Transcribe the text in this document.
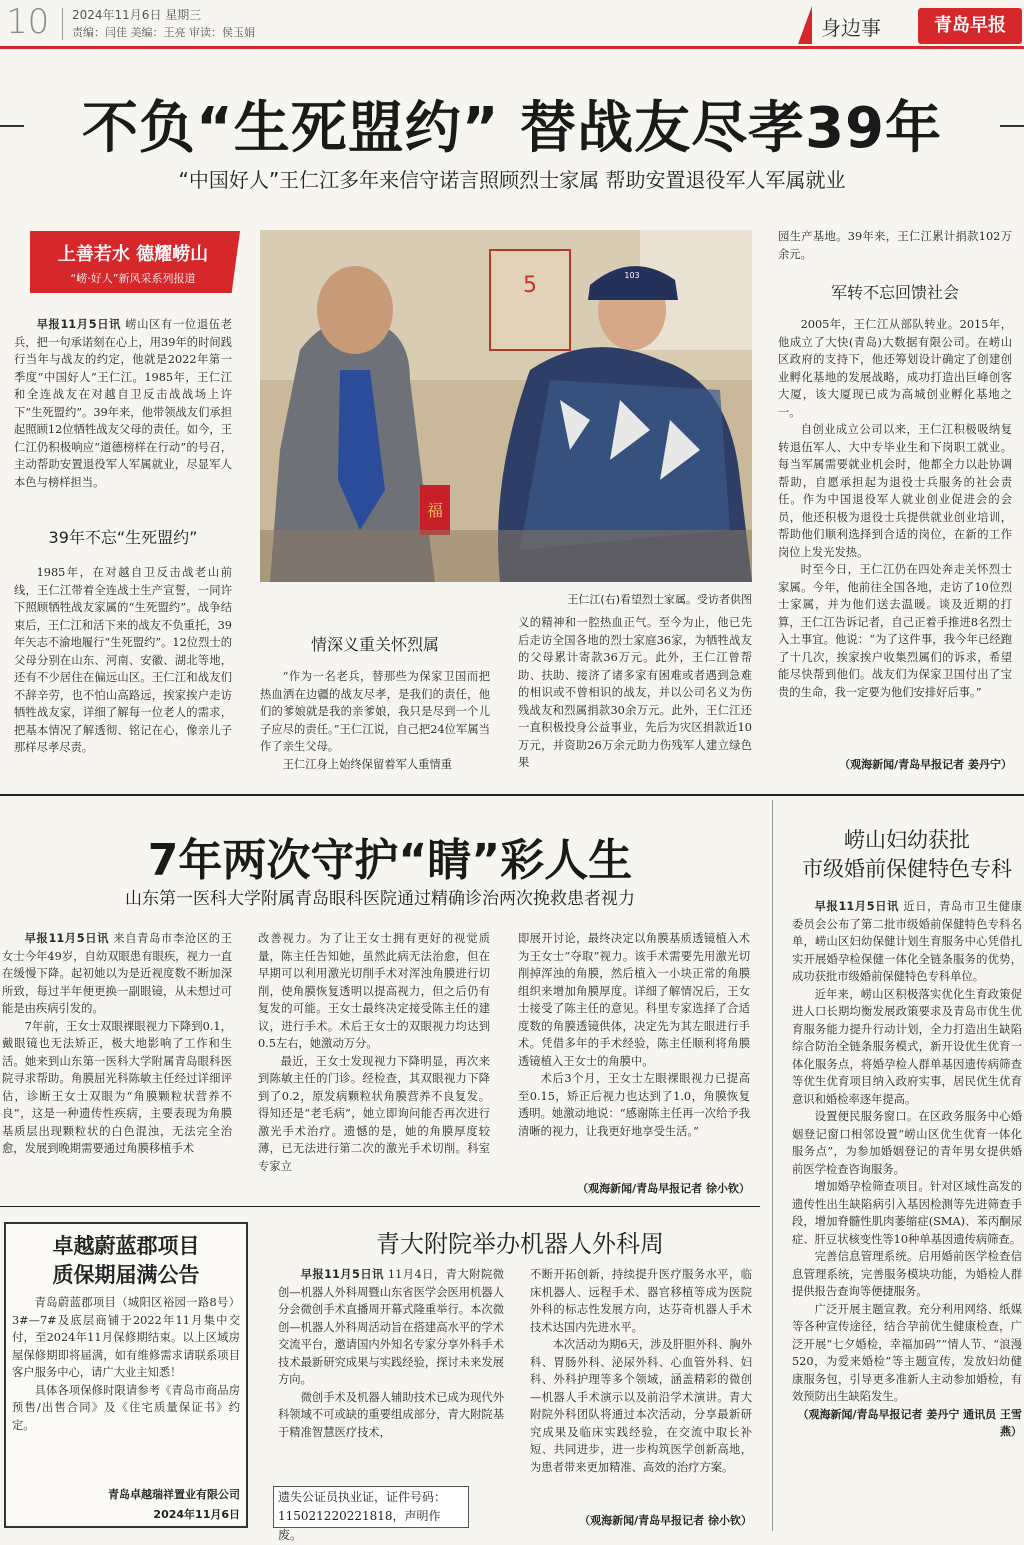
10 2024年11月6日 星期三
责编：闫佳 美编：王亮 审读：侯玉娟	身边事	青岛早报
不负“生死盟约” 替战友尽孝39年
“中国好人”王仁江多年来信守诺言照顾烈士家属 帮助安置退役军人军属就业
上善若水 德耀崂山
“崂·好人”新风采系列报道

早报11月5日讯 崂山区有一位退伍老兵，把一句承诺刻在心上，用39年的时间践行当年与战友的约定，他就是2022年第一季度“中国好人”王仁江。1985年，王仁江和全连战友在对越自卫反击战战场上许下“生死盟约”。39年来，他带领战友们承担起照顾12位牺牲战友父母的责任。如今，王仁江仍积极响应“道德榜样在行动”的号召，主动帮助安置退役军人军属就业，尽显军人本色与榜样担当。

39年不忘“生死盟约”

1985年，在对越自卫反击战老山前线，王仁江带着全连战士生产宣誓，一同许下照顾牺牲战友家属的“生死盟约”。战争结束后，王仁江和活下来的战友不负重托，39年矢志不渝地履行“生死盟约”。12位烈士的父母分别在山东、河南、安徽、湖北等地，还有不少居住在偏远山区。王仁江和战友们不辞辛劳，也不怕山高路远，挨家挨户走访牺牲战友家，详细了解每一位老人的需求，把基本情况了解透彻、铭记在心，像亲儿子那样尽孝尽责。

5
福
103
王仁江(右)看望烈士家属。受访者供图
情深义重关怀烈属

“作为一名老兵，替那些为保家卫国而把热血洒在边疆的战友尽孝，是我们的责任，他们的爹娘就是我的亲爹娘，我只是尽到一个儿子应尽的责任。”王仁江说，自己把24位军属当作了亲生父母。

王仁江身上始终保留着军人重情重

义的精神和一腔热血正气。至今为止，他已先后走访全国各地的烈士家庭36家，为牺牲战友的父母累计寄款36万元。此外，王仁江曾帮助、扶助、接济了诸多家有困难或者遇到急难的相识或不曾相识的战友，并以公司名义为伤残战友和烈属捐款30余万元。此外，王仁江还一直积极投身公益事业，先后为灾区捐款近10万元，并资助26万余元助力伤残军人建立绿色果

园生产基地。39年来，王仁江累计捐款102万余元。

军转不忘回馈社会

2005年，王仁江从部队转业。2015年，他成立了大快(青岛)大数据有限公司。在崂山区政府的支持下，他还筹划设计确定了创建创业孵化基地的发展战略，成功打造出巨峰创客大厦，该大厦现已成为高城创业孵化基地之一。

自创业成立公司以来，王仁江积极吸纳复转退伍军人、大中专毕业生和下岗职工就业。每当军属需要就业机会时，他都全力以赴协调帮助，自愿承担起为退役士兵服务的社会责任。作为中国退役军人就业创业促进会的会员，他还积极为退役士兵提供就业创业培训，帮助他们顺利选择到合适的岗位，在新的工作岗位上发光发热。

时至今日，王仁江仍在四处奔走关怀烈士家属。今年，他前往全国各地，走访了10位烈士家属，并为他们送去温暖。谈及近期的打算，王仁江告诉记者，自己正着手推进8名烈士入土事宜。他说：“为了这件事，我今年已经跑了十几次，挨家挨户收集烈属们的诉求，希望能尽快帮到他们。战友们为保家卫国付出了宝贵的生命，我一定要为他们安排好后事。”

（观海新闻/青岛早报记者 姜丹宁）
7年两次守护“睛”彩人生
山东第一医科大学附属青岛眼科医院通过精确诊治两次挽救患者视力

早报11月5日讯 来自青岛市李沧区的王女士今年49岁，自幼双眼患有眼疾，视力一直在缓慢下降。起初她以为是近视度数不断加深所致，每过半年便更换一副眼镜，从未想过可能是由疾病引发的。

7年前，王女士双眼裸眼视力下降到0.1，戴眼镜也无法矫正，极大地影响了工作和生活。她来到山东第一医科大学附属青岛眼科医院寻求帮助。角膜屈光科陈敏主任经过详细评估，诊断王女士双眼为“角膜颗粒状营养不良”，这是一种遗传性疾病，主要表现为角膜基质层出现颗粒状的白色混浊，无法完全治愈，发展到晚期需要通过角膜移植手术

改善视力。为了让王女士拥有更好的视觉质量，陈主任告知她，虽然此病无法治愈，但在早期可以利用激光切削手术对浑浊角膜进行切削，使角膜恢复透明以提高视力，但之后仍有复发的可能。王女士最终决定接受陈主任的建议，进行手术。术后王女士的双眼视力均达到0.5左右，她激动万分。

最近，王女士发现视力下降明显，再次来到陈敏主任的门诊。经检查，其双眼视力下降到了0.2，原发病颗粒状角膜营养不良复发。得知还是“老毛病”，她立即询问能否再次进行激光手术治疗。遗憾的是，她的角膜厚度较薄，已无法进行第二次的激光手术切削。科室专家立

即展开讨论，最终决定以角膜基质透镜植入术为王女士“夺取”视力。该手术需要先用激光切削掉浑浊的角膜，然后植入一小块正常的角膜组织来增加角膜厚度。详细了解情况后，王女士接受了陈主任的意见。科里专家选择了合适度数的角膜透镜供体，决定先为其左眼进行手术。凭借多年的手术经验，陈主任顺利将角膜透镜植入王女士的角膜中。

术后3个月，王女士左眼裸眼视力已提高至0.15，矫正后视力也达到了1.0，角膜恢复透明。她激动地说：“感谢陈主任再一次给予我清晰的视力，让我更好地享受生活。”

（观海新闻/青岛早报记者 徐小钦）
崂山妇幼获批
市级婚前保健特色专科

早报11月5日讯 近日，青岛市卫生健康委员会公布了第二批市级婚前保健特色专科名单，崂山区妇幼保健计划生育服务中心凭借扎实开展婚孕检保健一体化全链条服务的优势，成功获批市级婚前保健特色专科单位。

近年来，崂山区积极落实优化生育政策促进人口长期均衡发展政策要求及青岛市优生优育服务能力提升行动计划，全力打造出生缺陷综合防治全链条服务模式，新开设优生优育一体化服务点，将婚孕检人群单基因遗传病筛查等优生优育项目纳入政府实事，居民优生优育意识和婚检率逐年提高。

设置便民服务窗口。在区政务服务中心婚姻登记窗口相邻设置“崂山区优生优育一体化服务点”，为参加婚姻登记的青年男女提供婚前医学检查咨询服务。

增加婚孕检筛查项目。针对区域性高发的遗传性出生缺陷病引入基因检测等先进筛查手段，增加脊髓性肌肉萎缩症(SMA)、苯丙酮尿症、肝豆状核变性等10种单基因遗传病筛查。

完善信息管理系统。启用婚前医学检查信息管理系统，完善服务模块功能，为婚检人群提供报告查询等便捷服务。

广泛开展主题宣教。充分利用网络、纸媒等各种宣传途径，结合孕前优生健康检查，广泛开展“七夕婚检，幸福加码”“情人节、“浪漫520，为爱来婚检”等主题宣传，发放妇幼健康服务包，引导更多准新人主动参加婚检，有效预防出生缺陷发生。

（观海新闻/青岛早报记者 姜丹宁 通讯员 王雪燕）

卓越蔚蓝郡项目
质保期届满公告

青岛蔚蓝郡项目（城阳区裕园一路8号）3#—7#及底层商铺于2022年11月集中交付，至2024年11月保修期结束。以上区域房屋保修期即将届满，如有维修需求请联系项目客户服务中心，请广大业主知悉！

具体各项保修时限请参考《青岛市商品房预售/出售合同》及《住宅质量保证书》约定。

青岛卓越瑞祥置业有限公司
2024年11月6日
青大附院举办机器人外科周

早报11月5日讯 11月4日，青大附院微创—机器人外科周暨山东省医学会医用机器人分会微创手术直播周开幕式隆重举行。本次微创—机器人外科周活动旨在搭建高水平的学术交流平台，邀请国内外知名专家分享外科手术技术最新研究成果与实践经验，探讨未来发展方向。

微创手术及机器人辅助技术已成为现代外科领域不可或缺的重要组成部分，青大附院基于精准智慧医疗技术，

不断开拓创新，持续提升医疗服务水平，临床机器人、远程手术、器官移植等成为医院外科的标志性发展方向，达芬奇机器人手术技术达国内先进水平。

本次活动为期6天，涉及肝胆外科、胸外科、胃肠外科、泌尿外科、心血管外科、妇科、外科护理等多个领域，涵盖精彩的微创—机器人手术演示以及前沿学术演讲。青大附院外科团队将通过本次活动，分享最新研究成果及临床实践经验，在交流中取长补短、共同进步，进一步构筑医学创新高地，为患者带来更加精准、高效的治疗方案。

（观海新闻/青岛早报记者 徐小钦）
遗失公证员执业证，证件号码：115021220221818，声明作废。
